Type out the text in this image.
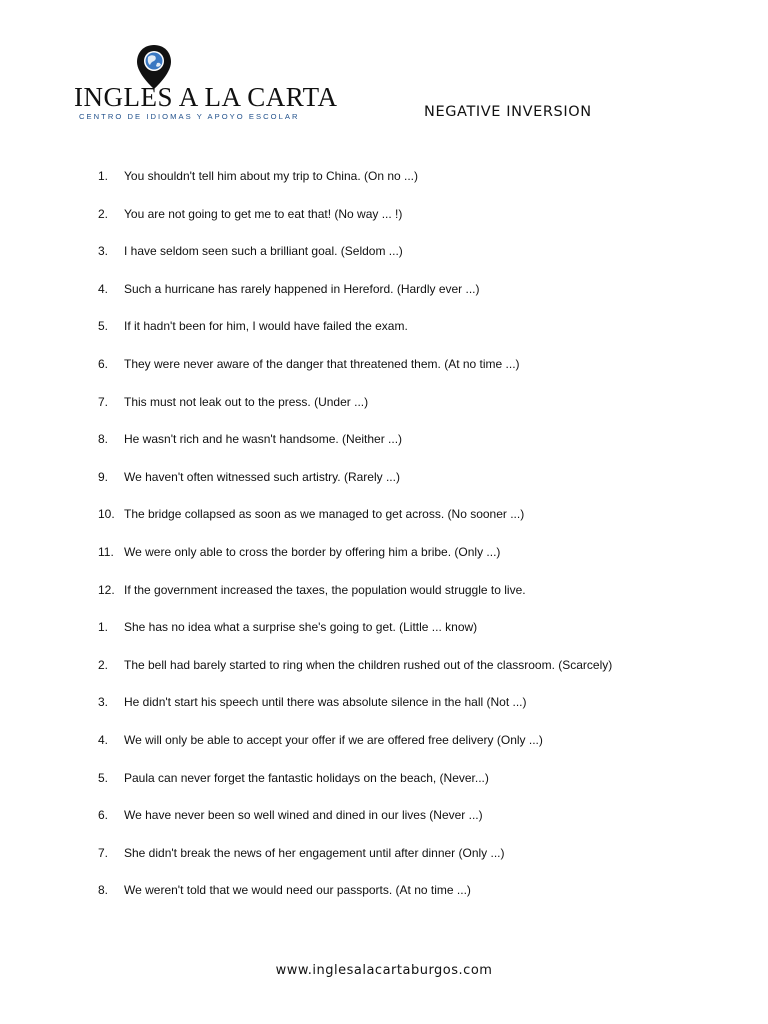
INGLES A LA CARTA
CENTRO DE IDIOMAS Y APOYO ESCOLAR	NEGATIVE INVERSION
1. You shouldn't tell him about my trip to China. (On no ...)
2. You are not going to get me to eat that! (No way ... !)
3. I have seldom seen such a brilliant goal. (Seldom ...)
4. Such a hurricane has rarely happened in Hereford. (Hardly ever ...)
5. If it hadn't been for him, I would have failed the exam.
6. They were never aware of the danger that threatened them. (At no time ...)
7. This must not leak out to the press. (Under ...)
8. He wasn't rich and he wasn't handsome. (Neither ...)
9. We haven't often witnessed such artistry. (Rarely ...)
10. The bridge collapsed as soon as we managed to get across. (No sooner ...)
11. We were only able to cross the border by offering him a bribe. (Only ...)
12. If the government increased the taxes, the population would struggle to live.
1. She has no idea what a surprise she's going to get. (Little ... know)
2. The bell had barely started to ring when the children rushed out of the classroom. (Scarcely)
3. He didn't start his speech until there was absolute silence in the hall (Not ...)
4. We will only be able to accept your offer if we are offered free delivery (Only ...)
5. Paula can never forget the fantastic holidays on the beach, (Never...)
6. We have never been so well wined and dined in our lives (Never ...)
7. She didn't break the news of her engagement until after dinner (Only ...)
8. We weren't told that we would need our passports. (At no time ...)
www.inglesalacartaburgos.com
